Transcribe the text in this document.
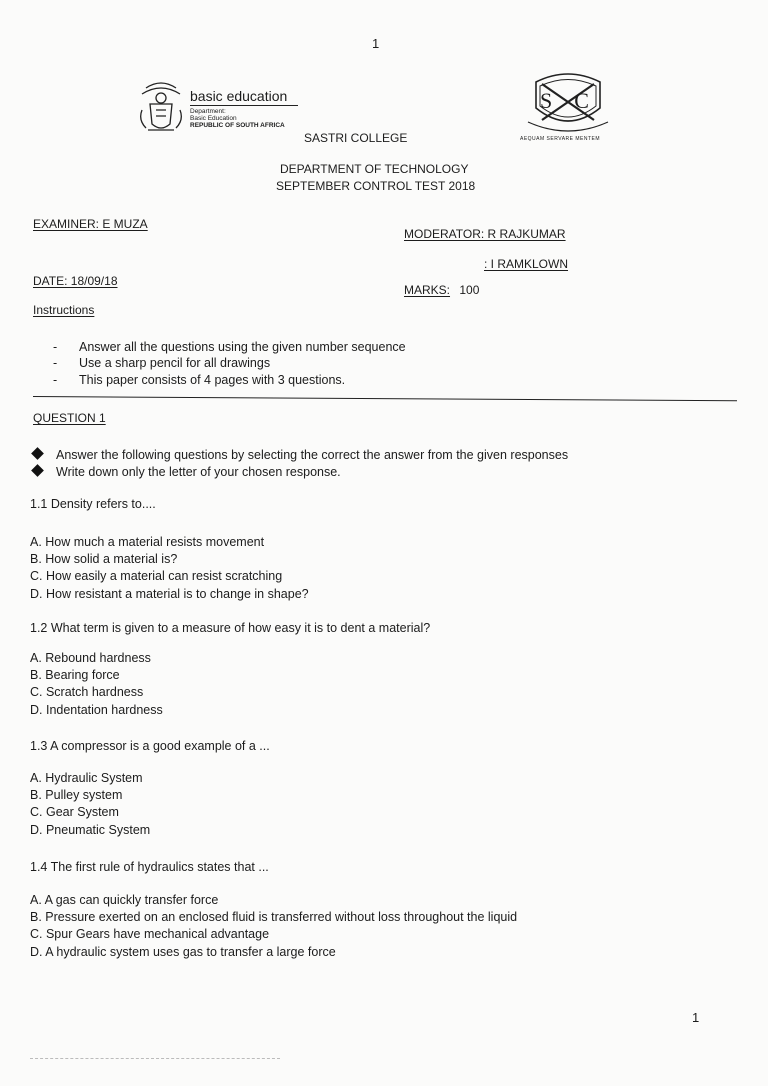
1
1
basic education
Department:
Basic Education
REPUBLIC OF SOUTH AFRICA
SC
AEQUAM SERVARE MENTEM
SASTRI COLLEGE
DEPARTMENT OF TECHNOLOGY
SEPTEMBER CONTROL TEST 2018
EXAMINER: E MUZA
MODERATOR: R RAJKUMAR
: I RAMKLOWN
DATE: 18/09/18
MARKS: 100
Instructions
- Answer all the questions using the given number sequence
- Use a sharp pencil for all drawings
- This paper consists of 4 pages with 3 questions.
QUESTION 1
Answer the following questions by selecting the correct the answer from the given responses
Write down only the letter of your chosen response.
1.1 Density refers to....
A. How much a material resists movement
B. How solid a material is?
C. How easily a material can resist scratching
D. How resistant a material is to change in shape?
1.2 What term is given to a measure of how easy it is to dent a material?
A. Rebound hardness
B. Bearing force
C. Scratch hardness
D. Indentation hardness
1.3 A compressor is a good example of a ...
A. Hydraulic System
B. Pulley system
C. Gear System
D. Pneumatic System
1.4 The first rule of hydraulics states that ...
A. A gas can quickly transfer force
B. Pressure exerted on an enclosed fluid is transferred without loss throughout the liquid
C. Spur Gears have mechanical advantage
D. A hydraulic system uses gas to transfer a large force
